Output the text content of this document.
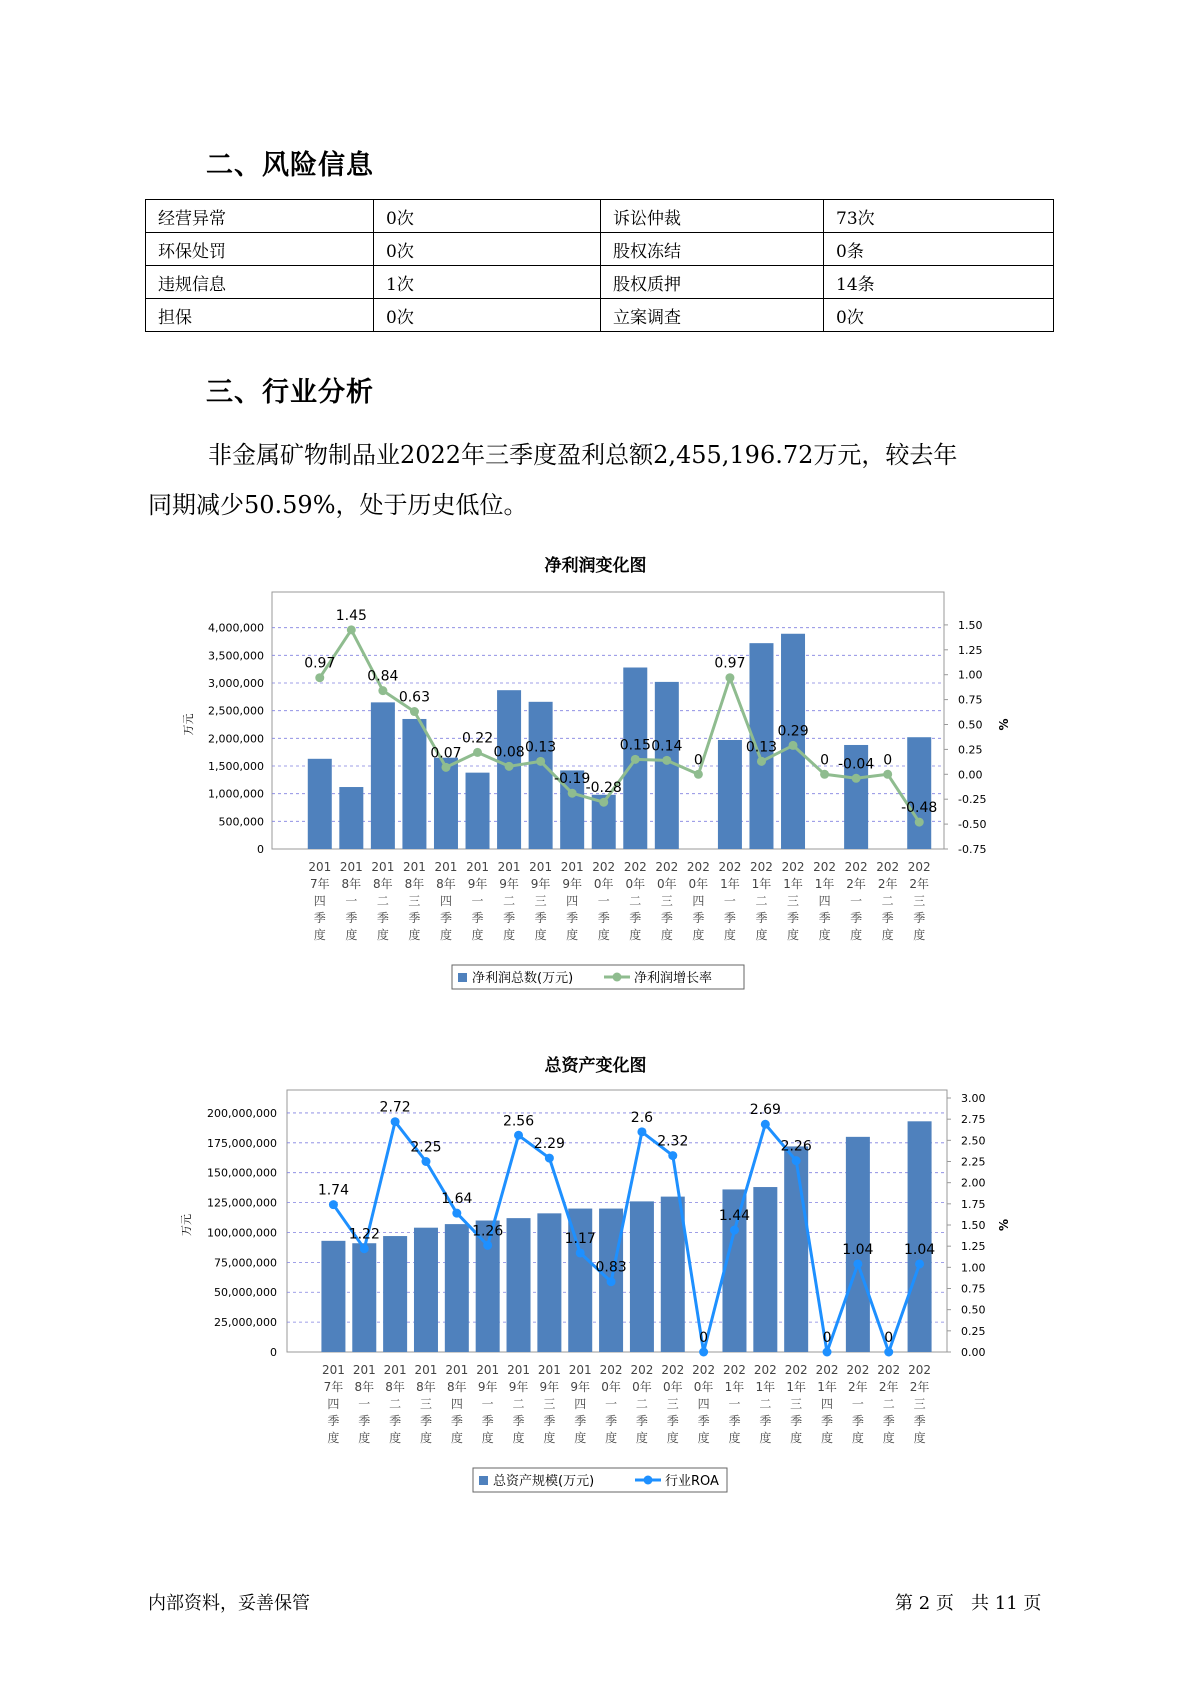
二、风险信息
经营异常	0次	诉讼仲裁	73次
环保处罚	0次	股权冻结	0条
违规信息	1次	股权质押	14条
担保	0次	立案调查	0次
三、行业分析
非金属矿物制品业2022年三季度盈利总额2,455,196.72万元，较去年
同期减少50.59%，处于历史低位。
净利润变化图
0
500,000
1,000,000
1,500,000
2,000,000
2,500,000
3,000,000
3,500,000
4,000,000
-0.75
-0.50
-0.25
0.00
0.25
0.50
0.75
1.00
1.25
1.50
万元	%
0.97
1.45
0.84
0.63
0.07
0.22
0.08 0.13
-0.19
-0.28
0.15 0.14
0
0.97
0.13
0.29
0 -0.04 0
-0.48
201
7年
四
季
度
201
8年
一
季
度
201
8年
二
季
度
201
8年
三
季
度
201
8年
四
季
度
201
9年
一
季
度
201
9年
二
季
度
201
9年
三
季
度
201
9年
四
季
度
202
0年
一
季
度
202
0年
二
季
度
202
0年
三
季
度
202
0年
四
季
度
202
1年
一
季
度
202
1年
二
季
度
202
1年
三
季
度
202
1年
四
季
度
202
2年
一
季
度
202
2年
二
季
度
202
2年
三
季
度
净利润总数(万元)	净利润增长率
总资产变化图
0
25,000,000
50,000,000
75,000,000
100,000,000
125,000,000
150,000,000
175,000,000
200,000,000
0.00
0.25
0.50
0.75
1.00
1.25
1.50
1.75
2.00
2.25
2.50
2.75
3.00
万元	%
1.74
1.22
2.72
2.25
1.64
1.26
2.56
2.29
1.17
0.83
2.6
2.32
0
1.44
2.69
2.26
0
1.04
0
1.04
201
7年
四
季
度
201
8年
一
季
度
201
8年
二
季
度
201
8年
三
季
度
201
8年
四
季
度
201
9年
一
季
度
201
9年
二
季
度
201
9年
三
季
度
201
9年
四
季
度
202
0年
一
季
度
202
0年
二
季
度
202
0年
三
季
度
202
0年
四
季
度
202
1年
一
季
度
202
1年
二
季
度
202
1年
三
季
度
202
1年
四
季
度
202
2年
一
季
度
202
2年
二
季
度
202
2年
三
季
度
总资产规模(万元)	行业ROA
内部资料，妥善保管	第 2 页   共 11 页
